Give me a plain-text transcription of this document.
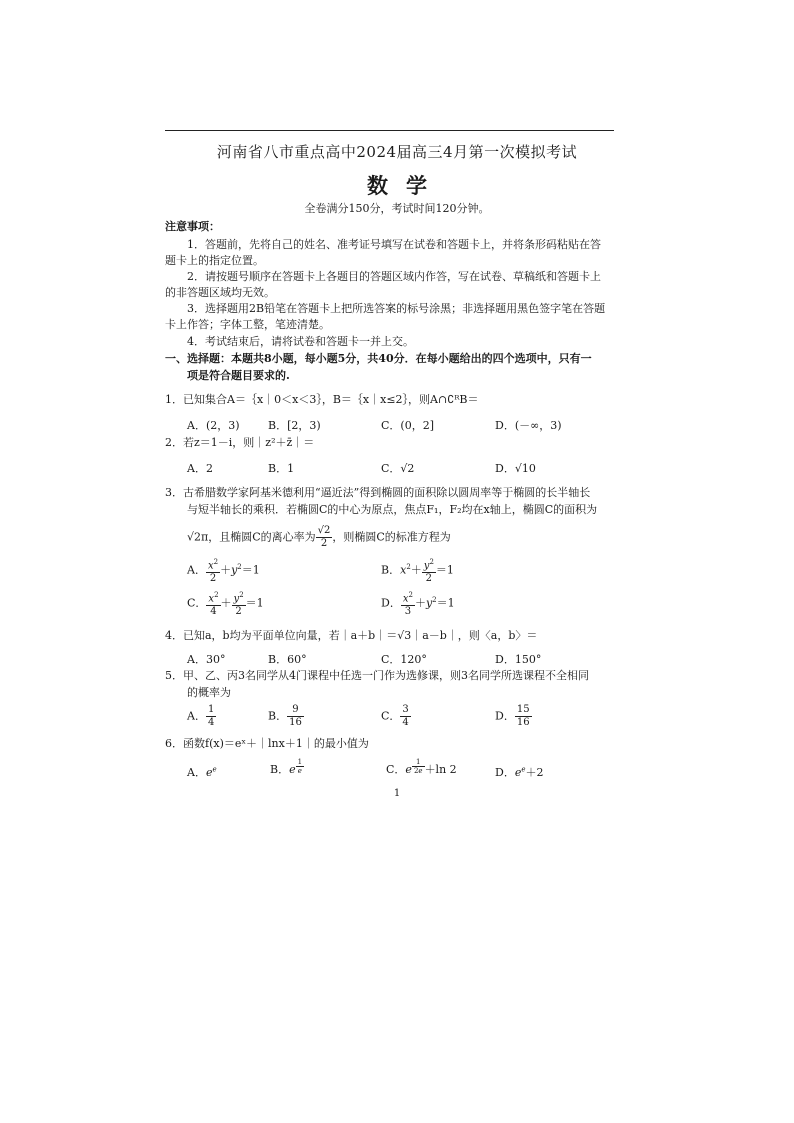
河南省八市重点高中2024届高三4月第一次模拟考试
数学
全卷满分150分，考试时间120分钟。
注意事项：
1．答题前，先将自己的姓名、准考证号填写在试卷和答题卡上，并将条形码粘贴在答
题卡上的指定位置。
2．请按题号顺序在答题卡上各题目的答题区域内作答，写在试卷、草稿纸和答题卡上
的非答题区域均无效。
3．选择题用2B铅笔在答题卡上把所选答案的标号涂黑；非选择题用黑色签字笔在答题
卡上作答；字体工整，笔迹清楚。
4．考试结束后，请将试卷和答题卡一并上交。
一、选择题：本题共8小题，每小题5分，共40分．在每小题给出的四个选项中，只有一
项是符合题目要求的.
1．已知集合A＝｛x｜0＜x＜3｝，B＝｛x｜x≤2｝，则A∩∁ᴿB＝
A．(2，3)	B．[2，3)	C．(0，2]	D．(－∞，3)
2．若z＝1－i，则｜z²＋z̄｜＝
A．2	B．1	C．√2	D．√10
3．古希腊数学家阿基米德利用“逼近法”得到椭圆的面积除以圆周率等于椭圆的长半轴长
与短半轴长的乘积．若椭圆C的中心为原点，焦点F₁，F₂均在x轴上，椭圆C的面积为
√2π，且椭圆C的离心率为 $\frac{√2}{2}$ ，则椭圆C的标准方程为
A． $\frac{x^2}{2} +y^2=1$	B．$x^2+ \frac{y^2}{2} =1$
C． $\frac{x^2}{4} + \frac{y^2}{2} =1$	D． $\frac{x^2}{3} +y^2=1$
4．已知a，b均为平面单位向量，若｜a＋b｜＝√3｜a－b｜，则〈a，b〉＝
A．30°	B．60°	C．120°	D．150°
5．甲、乙、丙3名同学从4门课程中任选一门作为选修课，则3名同学所选课程不全相同
的概率为
A． $\frac{1}{4}$	B． $\frac{9}{16}$	C． $\frac{3}{4}$	D． $\frac{15}{16}$
6．函数f(x)＝eˣ＋｜lnx＋1｜的最小值为
A．$e^e$	B．e $^{\frac{1}{e}}$	C．e $^{\frac{1}{2e}}$ ＋ln 2	D．$e^e+2$
1
